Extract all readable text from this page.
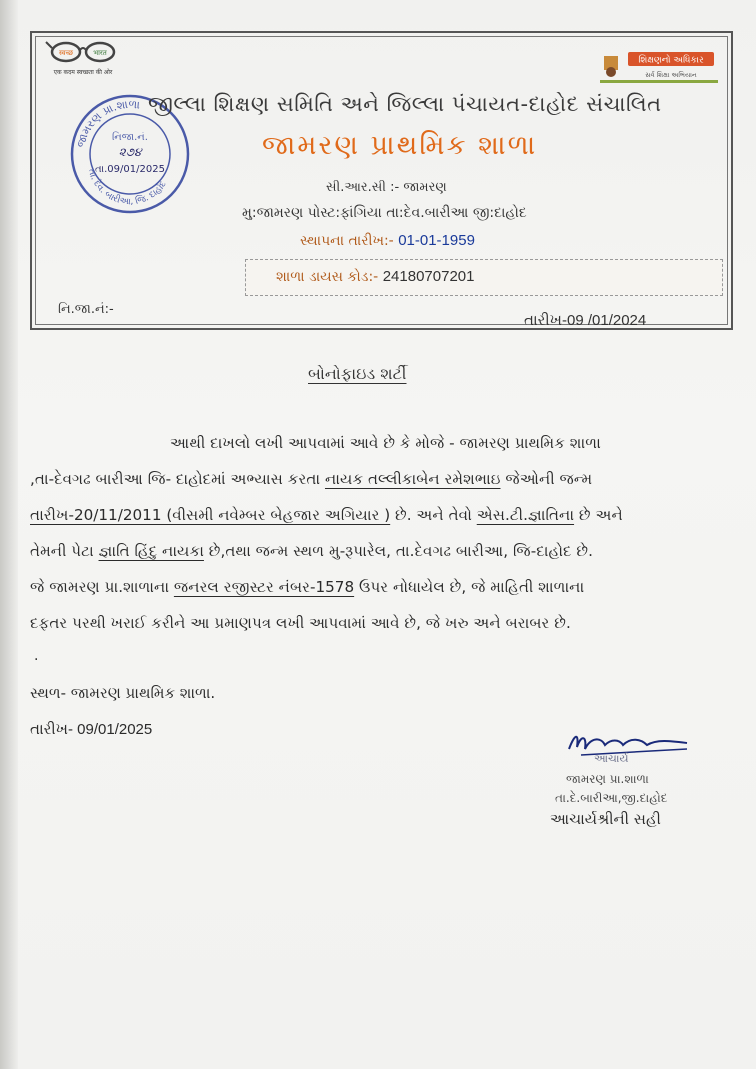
स्वच्छ	भारत
एक कदम स्वच्छता की ओर
શિક્ષણનો અધિકાર
સર્વ શિક્ષા અભિયાન
જામરણ પ્રા.શાળા
તા. દેવ. બારીઆ, જિ. દાહોદ
નિજા.નં.
૨૭૪
તા.09/01/2025
જીલ્લા શિક્ષણ સમિતિ અને જિલ્લા પંચાયત-દાહોદ સંચાલિત
જામરણ પ્રાથમિક શાળા
સી.આર.સી :- જામરણ
મુ:જામરણ પોસ્ટ:ફાંગિયા તા:દેવ.બારીઆ જી:દાહોદ
સ્થાપના તારીખ:- 01-01-1959
શાળા ડાયસ કોડ:- 24180707201
નિ.જા.નં:-
તારીખ-09 /01/2024
બોનોફાઇડ શર્ટી
આથી દાખલો લખી આપવામાં આવે છે કે મોજે - જામરણ પ્રાથમિક શાળા
,તા-દેવગઢ બારીઆ જિ- દાહોદમાં અભ્યાસ કરતા નાયક તલ્લીકાબેન રમેશભાઇ જેઓની જન્મ
તારીખ-20/11/2011 (વીસમી નવેમ્બર બેહજાર અગિયાર ) છે. અને તેવો એસ.ટી.જ્ઞાતિના છે અને
તેમની પેટા જ્ઞાતિ હિંદુ નાયકા છે,તથા જન્મ સ્થળ મુ-રૂપારેલ, તા.દેવગઢ બારીઆ, જિ-દાહોદ છે.
જે જામરણ પ્રા.શાળાના જનરલ રજીસ્ટર નંબર-1578 ઉપર નોધાયેલ છે, જે માહિતી શાળાના
દફતર પરથી ખરાઈ કરીને આ પ્રમાણપત્ર લખી આપવામાં આવે છે, જે ખરુ અને બરાબર છે.
.
સ્થળ- જામરણ પ્રાથમિક શાળા.
તારીખ- 09/01/2025
આચાર્ય
જામરણ પ્રા.શાળા
તા.દે.બારીઆ,જી.દાહોદ
આચાર્યશ્રીની સહી
